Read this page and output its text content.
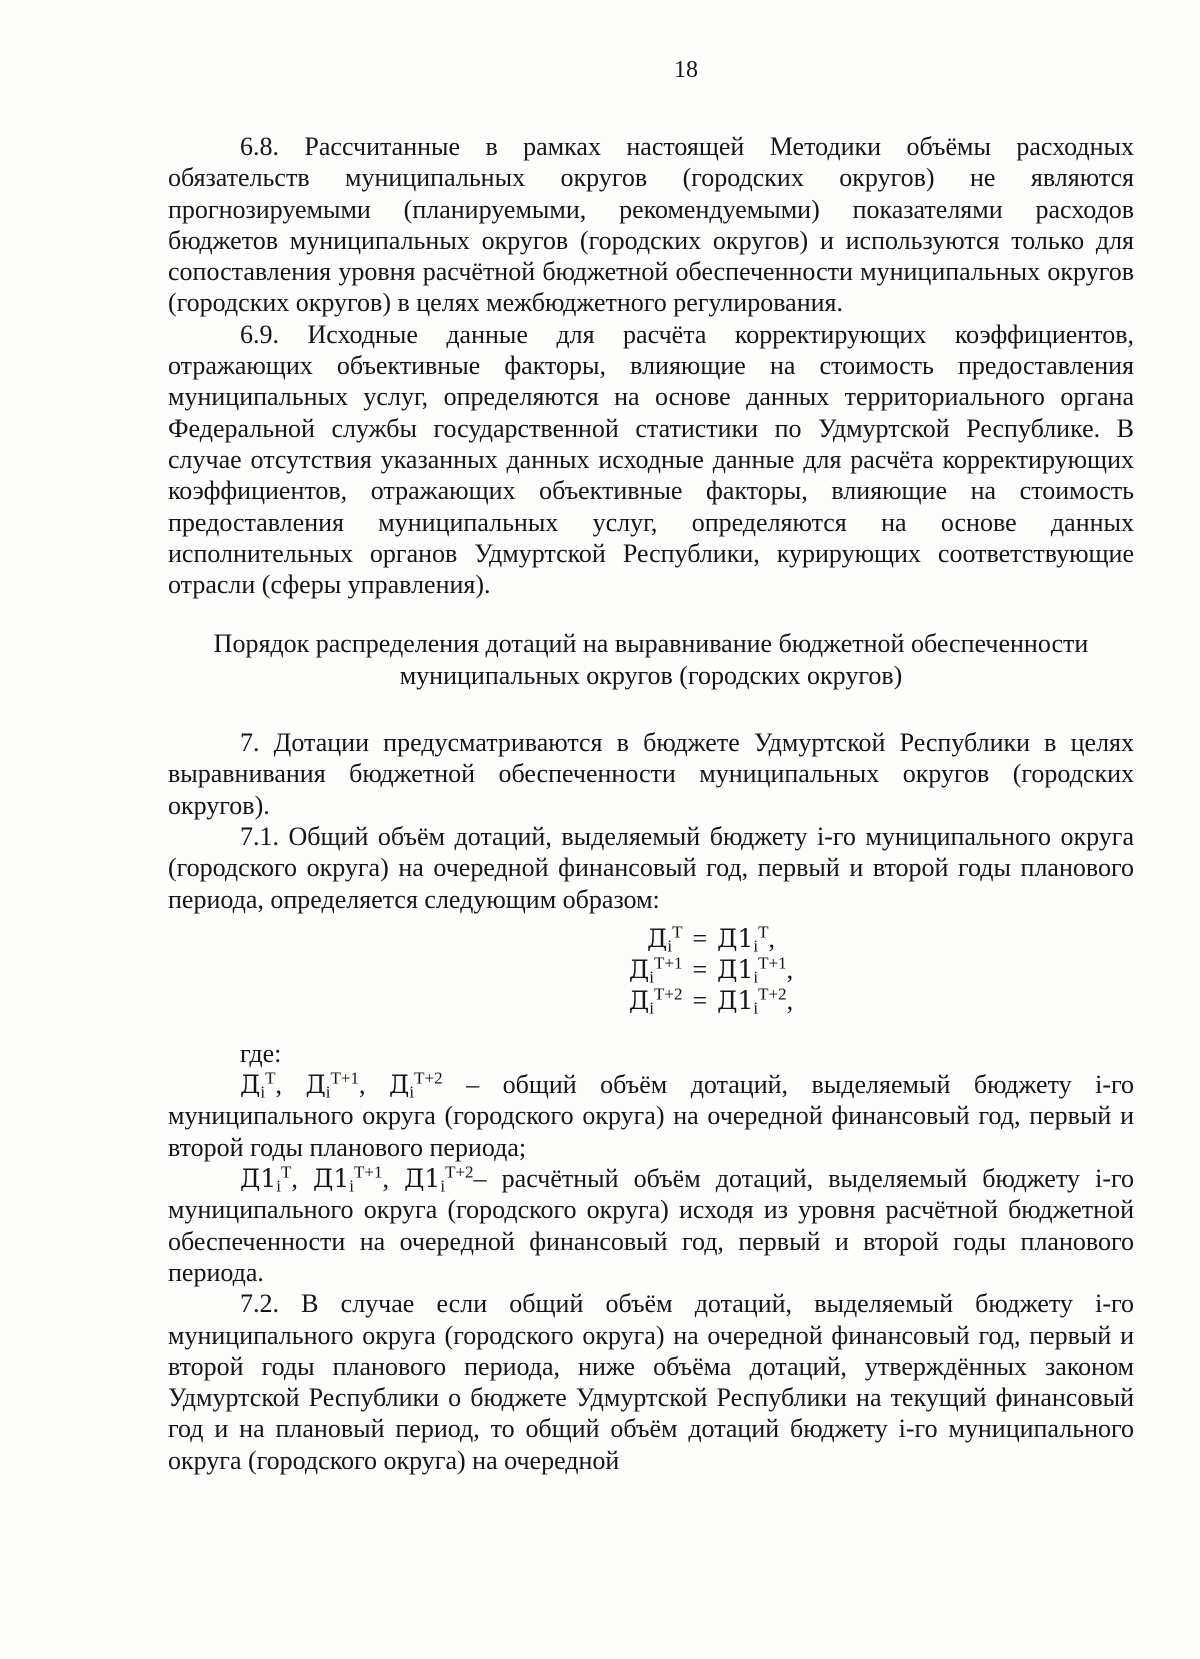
18

6.8. Рассчитанные в рамках настоящей Методики объёмы расходных обязательств муниципальных округов (городских округов) не являются прогнозируемыми (планируемыми, рекомендуемыми) показателями расходов бюджетов муниципальных округов (городских округов) и используются только для сопоставления уровня расчётной бюджетной обеспеченности муниципальных округов (городских округов) в целях межбюджетного регулирования.

6.9. Исходные данные для расчёта корректирующих коэффициентов, отражающих объективные факторы, влияющие на стоимость предоставления муниципальных услуг, определяются на основе данных территориального органа Федеральной службы государственной статистики по Удмуртской Республике. В случае отсутствия указанных данных исходные данные для расчёта корректирующих коэффициентов, отражающих объективные факторы, влияющие на стоимость предоставления муниципальных услуг, определяются на основе данных исполнительных органов Удмуртской Республики, курирующих соответствующие отрасли (сферы управления).

Порядок распределения дотаций на выравнивание бюджетной обеспеченности
муниципальных округов (городских округов)

7. Дотации предусматриваются в бюджете Удмуртской Республики в целях выравнивания бюджетной обеспеченности муниципальных округов (городских округов).

7.1. Общий объём дотаций, выделяемый бюджету i-го муниципального округа (городского округа) на очередной финансовый год, первый и второй годы планового периода, определяется следующим образом:

$Д_i^Т$	=	$Д1_i^Т$,
$Д_i^{Т+1}$	=	$Д1_i^{Т+1}$,
$Д_i^{Т+2}$	=	$Д1_i^{Т+2}$,

где:

$Д_i^Т$, $Д_i^{Т+1}$, $Д_i^{Т+2}$ – общий объём дотаций, выделяемый бюджету i-го муниципального округа (городского округа) на очередной финансовый год, первый и второй годы планового периода;

$Д1_i^Т$, $Д1_i^{Т+1}$, $Д1_i^{Т+2}-$ расчётный объём дотаций, выделяемый бюджету i-го муниципального округа (городского округа) исходя из уровня расчётной бюджетной обеспеченности на очередной финансовый год, первый и второй годы планового периода.

7.2. В случае если общий объём дотаций, выделяемый бюджету i-го муниципального округа (городского округа) на очередной финансовый год, первый и второй годы планового периода, ниже объёма дотаций, утверждённых законом Удмуртской Республики о бюджете Удмуртской Республики на текущий финансовый год и на плановый период, то общий объём дотаций бюджету i-го муниципального округа (городского округа) на очередной
